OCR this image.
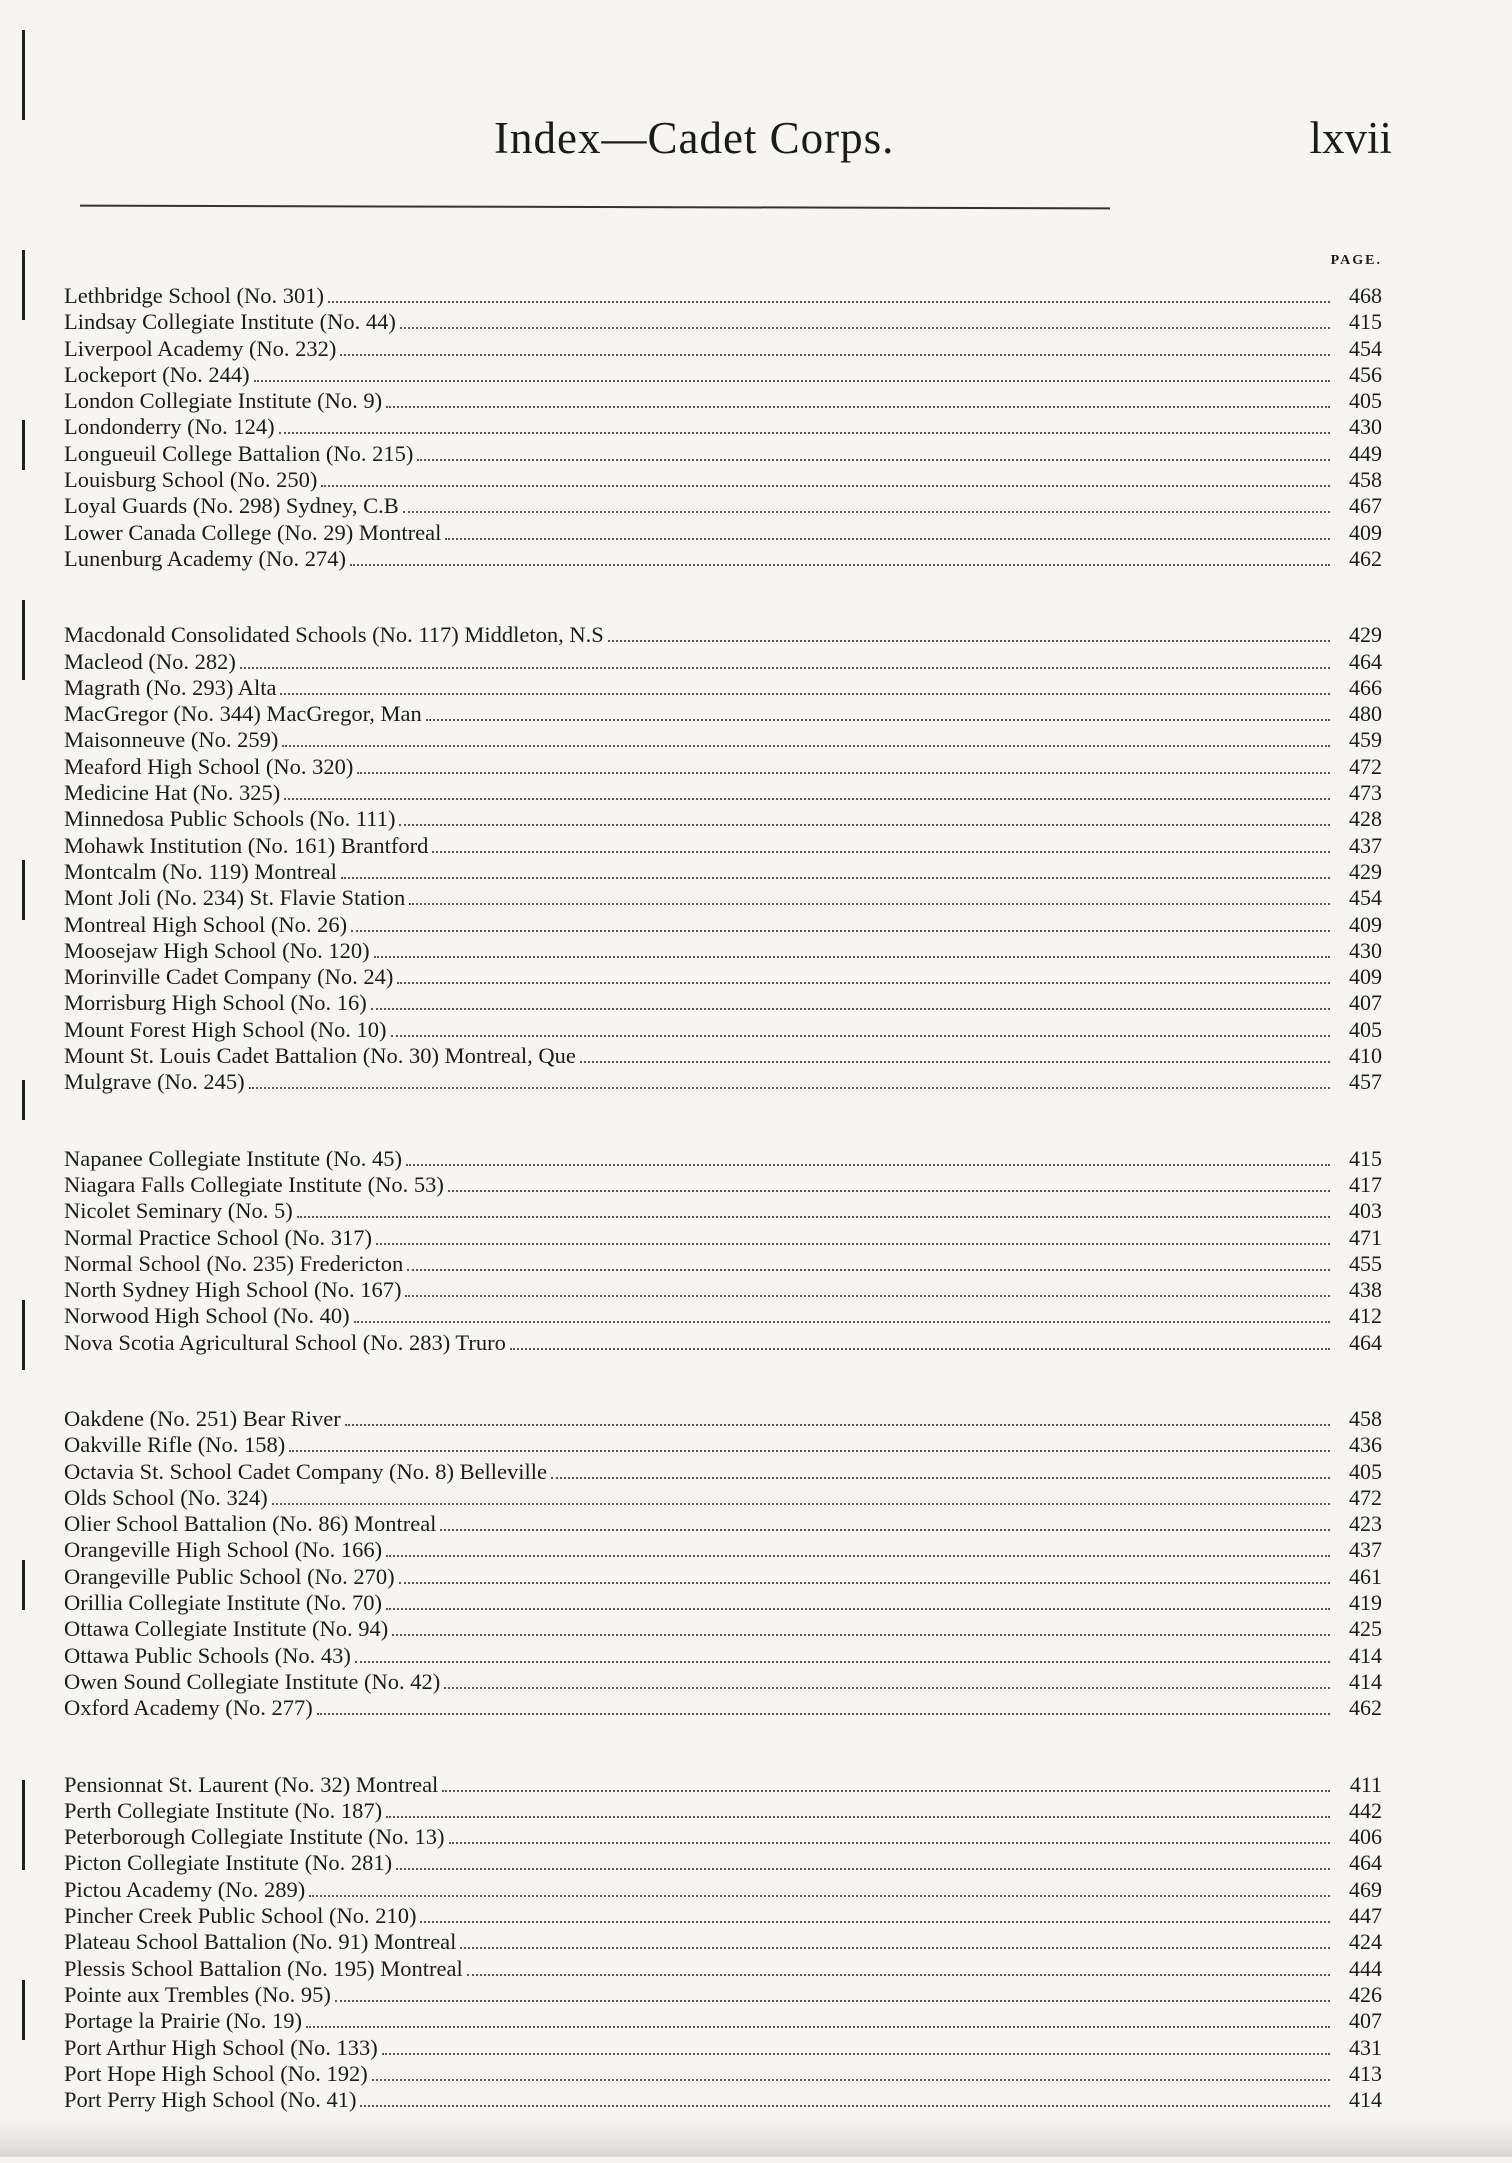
Index—Cadet Corps.	lxvii
PAGE.
Lethbridge School (No. 301)	468
Lindsay Collegiate Institute (No. 44)	415
Liverpool Academy (No. 232)	454
Lockeport (No. 244)	456
London Collegiate Institute (No. 9)	405
Londonderry (No. 124)	430
Longueuil College Battalion (No. 215)	449
Louisburg School (No. 250)	458
Loyal Guards (No. 298) Sydney, C.B	467
Lower Canada College (No. 29) Montreal	409
Lunenburg Academy (No. 274)	462
Macdonald Consolidated Schools (No. 117) Middleton, N.S	429
Macleod (No. 282)	464
Magrath (No. 293) Alta	466
MacGregor (No. 344) MacGregor, Man	480
Maisonneuve (No. 259)	459
Meaford High School (No. 320)	472
Medicine Hat (No. 325)	473
Minnedosa Public Schools (No. 111)	428
Mohawk Institution (No. 161) Brantford	437
Montcalm (No. 119) Montreal	429
Mont Joli (No. 234) St. Flavie Station	454
Montreal High School (No. 26)	409
Moosejaw High School (No. 120)	430
Morinville Cadet Company (No. 24)	409
Morrisburg High School (No. 16)	407
Mount Forest High School (No. 10)	405
Mount St. Louis Cadet Battalion (No. 30) Montreal, Que	410
Mulgrave (No. 245)	457
Napanee Collegiate Institute (No. 45)	415
Niagara Falls Collegiate Institute (No. 53)	417
Nicolet Seminary (No. 5)	403
Normal Practice School (No. 317)	471
Normal School (No. 235) Fredericton	455
North Sydney High School (No. 167)	438
Norwood High School (No. 40)	412
Nova Scotia Agricultural School (No. 283) Truro	464
Oakdene (No. 251) Bear River	458
Oakville Rifle (No. 158)	436
Octavia St. School Cadet Company (No. 8) Belleville	405
Olds School (No. 324)	472
Olier School Battalion (No. 86) Montreal	423
Orangeville High School (No. 166)	437
Orangeville Public School (No. 270)	461
Orillia Collegiate Institute (No. 70)	419
Ottawa Collegiate Institute (No. 94)	425
Ottawa Public Schools (No. 43)	414
Owen Sound Collegiate Institute (No. 42)	414
Oxford Academy (No. 277)	462
Pensionnat St. Laurent (No. 32) Montreal	411
Perth Collegiate Institute (No. 187)	442
Peterborough Collegiate Institute (No. 13)	406
Picton Collegiate Institute (No. 281)	464
Pictou Academy (No. 289)	469
Pincher Creek Public School (No. 210)	447
Plateau School Battalion (No. 91) Montreal	424
Plessis School Battalion (No. 195) Montreal	444
Pointe aux Trembles (No. 95)	426
Portage la Prairie (No. 19)	407
Port Arthur High School (No. 133)	431
Port Hope High School (No. 192)	413
Port Perry High School (No. 41)	414
